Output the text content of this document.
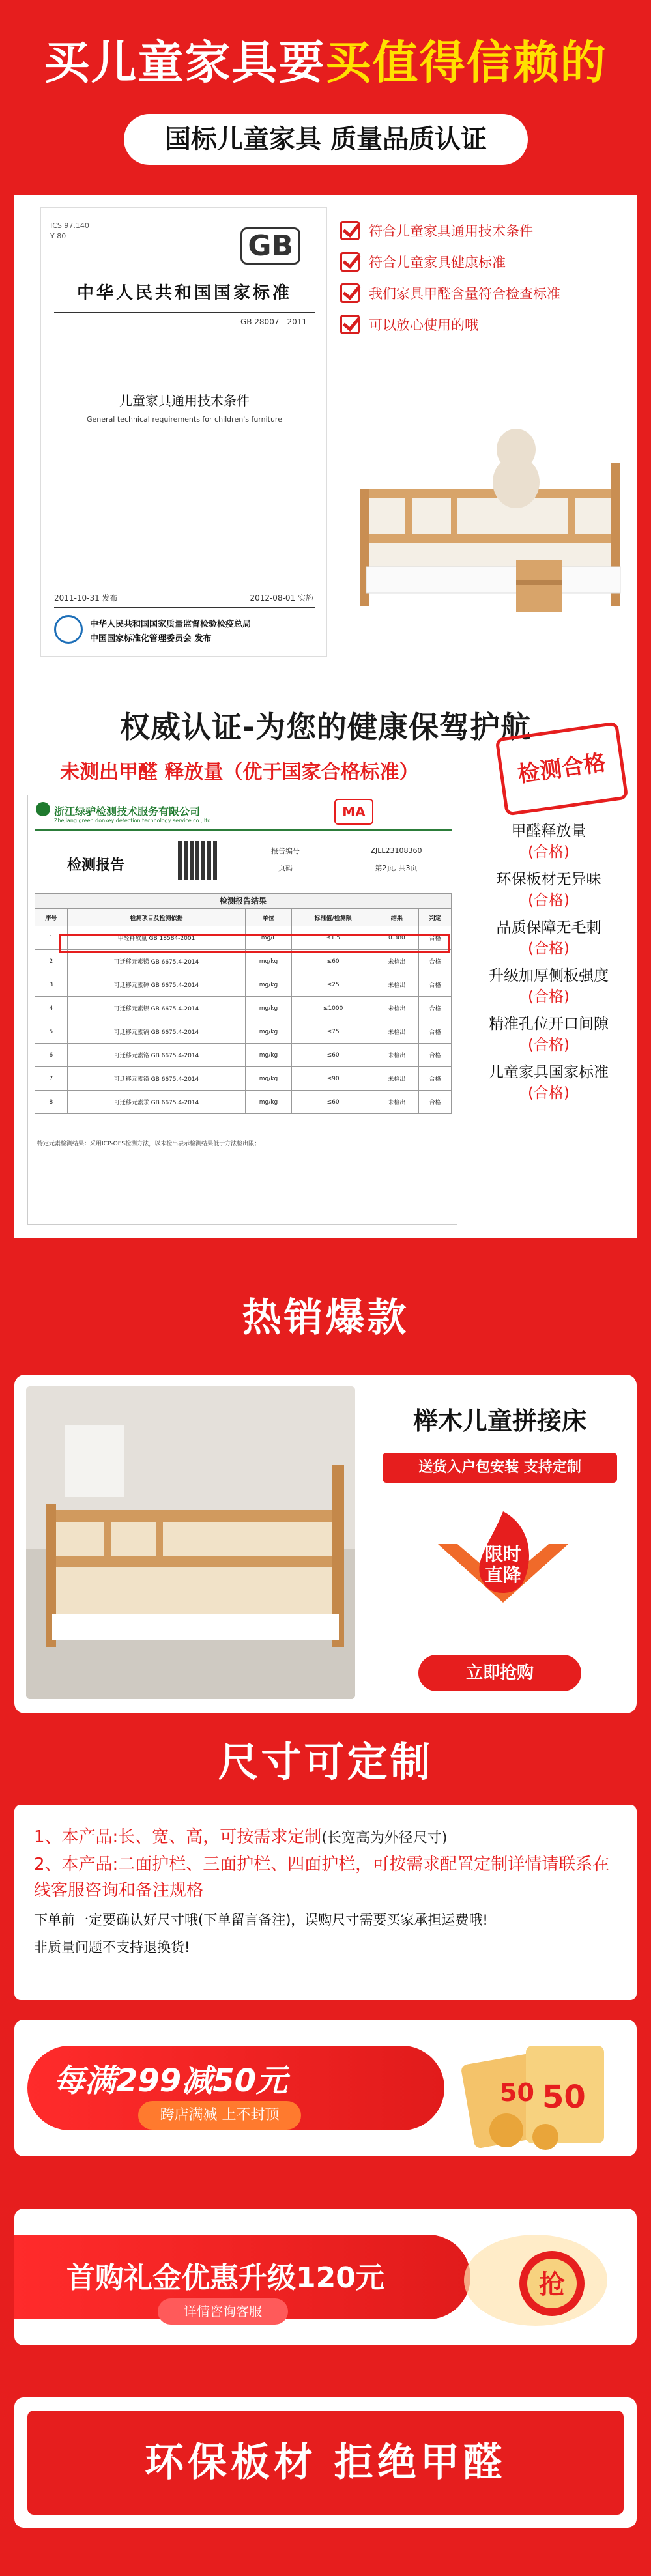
买儿童家具要买值得信赖的
国标儿童家具 质量品质认证
ICS 97.140
Y 80	GB
中华人民共和国国家标准
GB 28007—2011
儿童家具通用技术条件
General technical requirements for children's furniture
2011-10-31 发布	2012-08-01 实施
中华人民共和国国家质量监督检验检疫总局
中国国家标准化管理委员会 发布
符合儿童家具通用技术条件
符合儿童家具健康标准
我们家具甲醛含量符合检查标准
可以放心使用的哦
权威认证-为您的健康保驾护航
未测出甲醛 释放量（优于国家合格标准）	检测合格
浙江绿驴检测技术服务有限公司
Zhejiang green donkey detection technology service co., ltd.
MA
检测报告
报告编号	ZJLL23108360
页码	第2页, 共3页
检测报告结果
序号	检测项目及检测依据	单位	标准值/检测限	结果	判定
1	甲醛释放量 GB 18584-2001	mg/L	≤1.5	0.380	合格
2	可迁移元素锑 GB 6675.4-2014	mg/kg	≤60	未检出	合格
3	可迁移元素砷 GB 6675.4-2014	mg/kg	≤25	未检出	合格
4	可迁移元素钡 GB 6675.4-2014	mg/kg	≤1000	未检出	合格
5	可迁移元素镉 GB 6675.4-2014	mg/kg	≤75	未检出	合格
6	可迁移元素铬 GB 6675.4-2014	mg/kg	≤60	未检出	合格
7	可迁移元素铅 GB 6675.4-2014	mg/kg	≤90	未检出	合格
8	可迁移元素汞 GB 6675.4-2014	mg/kg	≤60	未检出	合格
特定元素检测结果：采用ICP-OES检测方法，以未检出表示检测结果低于方法检出限；
甲醛释放量
(合格)
环保板材无异味
(合格)
品质保障无毛刺
(合格)
升级加厚侧板强度
(合格)
精准孔位开口间隙
(合格)
儿童家具国家标准
(合格)
热销爆款
榉木儿童拼接床
送货入户包安装 支持定制
限时直降
立即抢购
尺寸可定制
1、本产品:长、宽、高，可按需求定制(长宽高为外径尺寸)
2、本产品:二面护栏、三面护栏、四面护栏，可按需求配置定制详情请联系在线客服咨询和备注规格
下单前一定要确认好尺寸哦(下单留言备注)，误购尺寸需要买家承担运费哦!
非质量问题不支持退换货!
每满299减50元
跨店满减 上不封顶
50 50
首购礼金优惠升级120元
详情咨询客服
抢
环保板材 拒绝甲醛
